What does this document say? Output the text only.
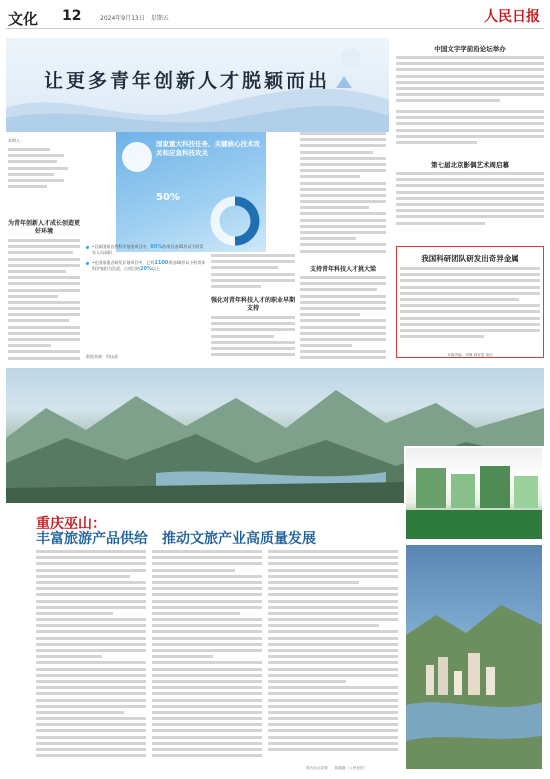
文化 12	2024年9月13日　星期五	人民日报
让更多青年创新人才脱颖而出
本期人：
为青年创新人才成长创造更好环境
国家重大科技任务、关键核心技术攻关和应急科技攻关
50%
•目前国家自然科学基金项目中，80%的项目由45岁以下的青年人员承担
•在国家重点研发计划项目中，已有1100项由40岁以下的青年科学家担当负责，占项目的20%以上
数据来源：科技部
强化对青年科技人才的职业早期支持
支持青年科技人才挑大梁
中国文字学前沿论坛举办
第七届北京影偶艺术周启幕
我国科研团队研发出奇异金属
本版责编：李静 韩亚雷 周佳
重庆巫山：
丰富旅游产品供给　推动文旅产业高质量发展
图为巫山县城　　陈健摄（人民视觉）
